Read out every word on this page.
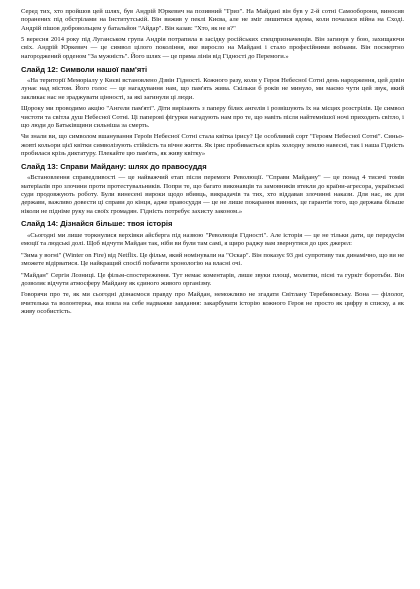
Серед тих, хто пройшов цей шлях, був Андрій Юркевич на позивний "Гриз". На Майдані він був у 2-й сотні Самооборони, виносив поранених під обстрілами на Інститутській. Він вижив у пеклі Києва, але не зміг лишитися вдома, коли почалася війна на Сході. Андрій пішов добровольцем у батальйон "Айдар". Він казав: "Хто, як не я?"

5 вересня 2014 року під Луганськом група Андрія потрапила в засідку російських спецпризначенців. Він загинув у бою, захищаючи свіх. Андрій Юркевич — це символ цілого покоління, яке виросло на Майдані і стало професійними воїнами. Він посмертно нагороджений орденом "За мужність". Його шлях — це пряма лінія від Гідності до Перемоги.»

Слайд 12: Символи нашої пам'яті

«На території Меморіалу у Києві встановлено Дзвін Гідності. Кожного разу, коли у Героя Небесної Сотні день народження, цей дзвін лунає над містом. Його голос — це нагадування нам, що пам'ять жива. Скільки б років не минуло, ми маємо чути цей звук, який закликає нас не зраджувати цінності, за які загинули ці люди.

Щороку ми проводимо акцію "Ангели пам'яті". Діти вирізають з паперу білих ангелів і розвішують їх на місцях розстрілів. Це символ чистоти та світла душ Небесної Сотні. Ці паперові фігурки нагадують нам про те, що навіть після найтемнішої ночі приходить світло, і що люди до Батьківщини сильніша за смерть.

Чи знали ви, що символом вшанування Героїв Небесної Сотні стала квітка ірису? Це особливий сорт "Героям Небесної Сотні". Синьо-жовті кольори цієї квітки символізують стійкість та вічне життя. Як ірис пробивається крізь холодну землю навесні, так і наша Гідність пробилася крізь диктатуру. Плекайте цю пам'ять, як живу квітку»

Слайд 13: Справи Майдану: шлях до правосуддя

«Встановлення справедливості — це найважчий етап після перемоги Революції. "Справи Майдану" — це понад 4 тисячі томів матеріалів про злочини проти протестувальників. Попри те, що багато виконавців та замовників втекли до країни-агресора, українські суди продовжують роботу. Були винесені вироки щодо вбивць, викрадачів та тих, хто віддавав злочинні накази. Для нас, як для держави, важливо довести ці справи до кінця, адже правосуддя — це не лише покарання винних, це гарантія того, що держава більше ніколи не підніме руку на своїх громадян. Гідність потребує захисту законом.»

Слайд 14: Дізнайся більше: твоя історія

«Сьогодні ми лише торкнулися верхівки айсберга під назвою "Революція Гідності". Але історія — це не тільки дати, це передусім емоції та людські долі. Щоб відчути Майдан так, ніби ви були там самі, я щиро раджу вам звернутися до цих джерел:

"Зима у вогні" (Winter on Fire) від Netflix. Це фільм, який номінували на "Оскар". Він показує 93 дні супротиву так динамічно, що ви не зможете відірватися. Це найкращий спосіб побачити хронологію на власні очі.

"Майдан" Сергія Лозниці. Це фільм-спостереження. Тут немає коментарів, лише звуки площі, молитви, пісні та гуркіт боротьби. Він дозволяє відчути атмосферу Майдану як єдиного живого організму.

Говорячи про те, як ми сьогодні дізнаємося правду про Майдан, неможливо не згадати Світлану Теребиковську. Вона — філолог, вчителька та волонтерка, яка взяла на себе надважке завдання: закарбувати історію кожного Героя не просто як цифру в списку, а як живу особистість.
